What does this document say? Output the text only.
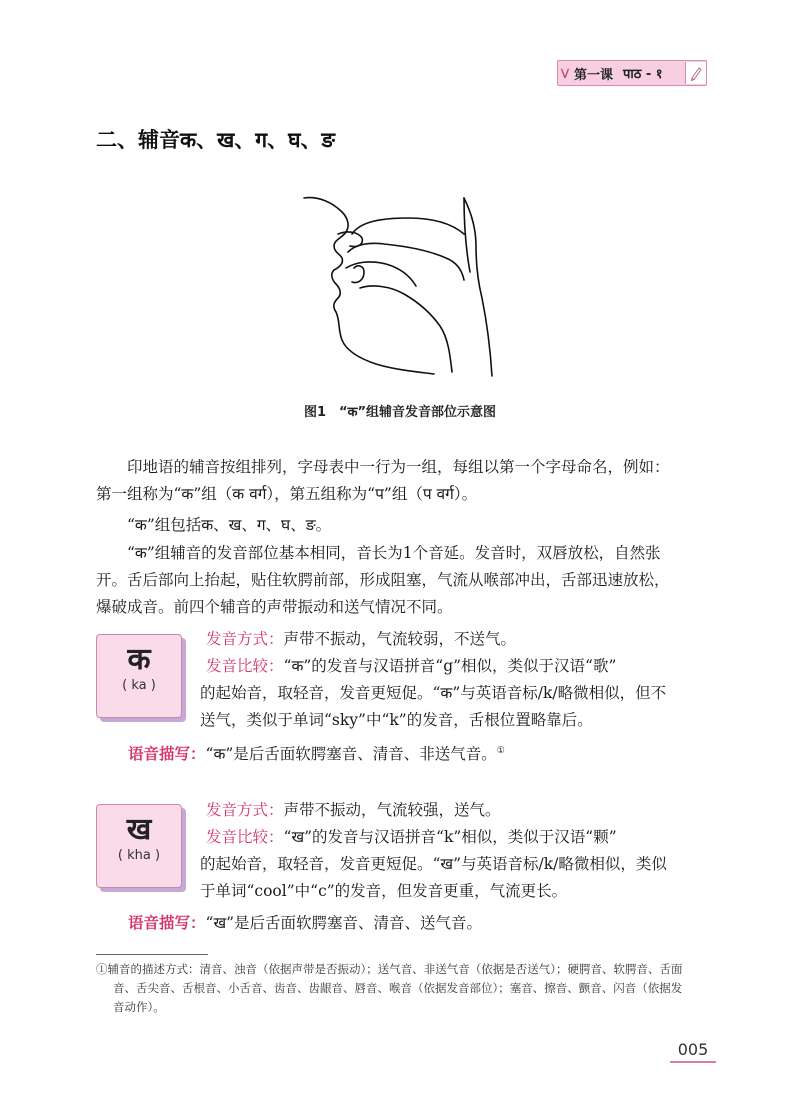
⋁ 第一课 पाठ - १
二、辅音क、ख、ग、घ、ङ
图1　“क”组辅音发音部位示意图
印地语的辅音按组排列，字母表中一行为一组，每组以第一个字母命名，例如：
第一组称为“क”组（क वर्ग），第五组称为“प”组（प वर्ग）。
“क”组包括क、ख、ग、घ、ङ。
“क”组辅音的发音部位基本相同，音长为1个音延。发音时，双唇放松，自然张
开。舌后部向上抬起，贴住软腭前部，形成阻塞，气流从喉部冲出，舌部迅速放松，
爆破成音。前四个辅音的声带振动和送气情况不同。
क
( ka )
发音方式：声带不振动，气流较弱，不送气。
发音比较：“क”的发音与汉语拼音“g”相似，类似于汉语“歌”
的起始音，取轻音，发音更短促。“क”与英语音标/k/略微相似，但不
送气，类似于单词“sky”中“k”的发音，舌根位置略靠后。
语音描写：“क”是后舌面软腭塞音、清音、非送气音。①
ख
( kha )
发音方式：声带不振动，气流较强，送气。
发音比较：“ख”的发音与汉语拼音“k”相似，类似于汉语“颗”
的起始音，取轻音，发音更短促。“ख”与英语音标/k/略微相似，类似
于单词“cool”中“c”的发音，但发音更重，气流更长。
语音描写：“ख”是后舌面软腭塞音、清音、送气音。
①辅音的描述方式：清音、浊音（依据声带是否振动）；送气音、非送气音（依据是否送气）；硬腭音、软腭音、舌面
音、舌尖音、舌根音、小舌音、齿音、齿龈音、唇音、喉音（依据发音部位）；塞音、擦音、颤音、闪音（依据发
音动作）。
005
